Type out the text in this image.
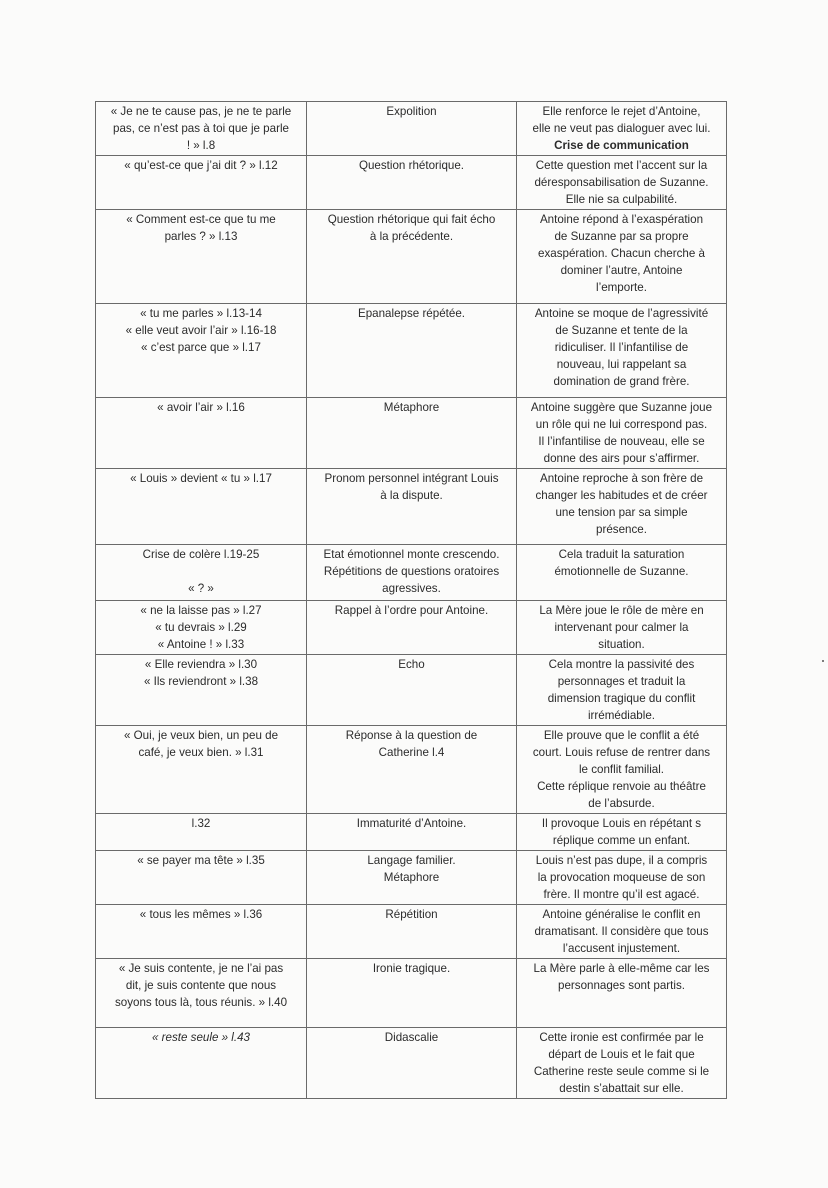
« Je ne te cause pas, je ne te parle
pas, ce n’est pas à toi que je parle
! » l.8	Expolition	Elle renforce le rejet d’Antoine,
elle ne veut pas dialoguer avec lui.
Crise de communication

« qu’est-ce que j’ai dit ? » l.12	Question rhétorique.	Cette question met l’accent sur la
déresponsabilisation de Suzanne.
Elle nie sa culpabilité.

« Comment est-ce que tu me
parles ? » l.13	Question rhétorique qui fait écho
à la précédente.	Antoine répond à l’exaspération
de Suzanne par sa propre
exaspération. Chacun cherche à
dominer l’autre, Antoine
l’emporte.

« tu me parles » l.13-14
« elle veut avoir l’air » l.16-18
« c’est parce que » l.17	Epanalepse répétée.	Antoine se moque de l’agressivité
de Suzanne et tente de la
ridiculiser. Il l’infantilise de
nouveau, lui rappelant sa
domination de grand frère.

« avoir l’air » l.16	Métaphore	Antoine suggère que Suzanne joue
un rôle qui ne lui correspond pas.
Il l’infantilise de nouveau, elle se
donne des airs pour s’affirmer.

« Louis » devient « tu » l.17	Pronom personnel intégrant Louis
à la dispute.	Antoine reproche à son frère de
changer les habitudes et de créer
une tension par sa simple
présence.

Crise de colère l.19-25
« ? »	Etat émotionnel monte crescendo.
Répétitions de questions oratoires
agressives.	Cela traduit la saturation
émotionnelle de Suzanne.

« ne la laisse pas » l.27
« tu devrais » l.29
« Antoine ! » l.33	Rappel à l’ordre pour Antoine.	La Mère joue le rôle de mère en
intervenant pour calmer la
situation.

« Elle reviendra » l.30
« Ils reviendront » l.38	Echo	Cela montre la passivité des
personnages et traduit la
dimension tragique du conflit
irrémédiable.

« Oui, je veux bien, un peu de
café, je veux bien. » l.31	Réponse à la question de
Catherine l.4	Elle prouve que le conflit a été
court. Louis refuse de rentrer dans
le conflit familial.
Cette réplique renvoie au théâtre
de l’absurde.

l.32	Immaturité d’Antoine.	Il provoque Louis en répétant s
réplique comme un enfant.

« se payer ma tête » l.35	Langage familier.
Métaphore	Louis n’est pas dupe, il a compris
la provocation moqueuse de son
frère. Il montre qu’il est agacé.

« tous les mêmes » l.36	Répétition	Antoine généralise le conflit en
dramatisant. Il considère que tous
l’accusent injustement.

« Je suis contente, je ne l’ai pas
dit, je suis contente que nous
soyons tous là, tous réunis. » l.40	Ironie tragique.	La Mère parle à elle-même car les
personnages sont partis.

« reste seule » l.43	Didascalie	Cette ironie est confirmée par le
départ de Louis et le fait que
Catherine reste seule comme si le
destin s’abattait sur elle.
